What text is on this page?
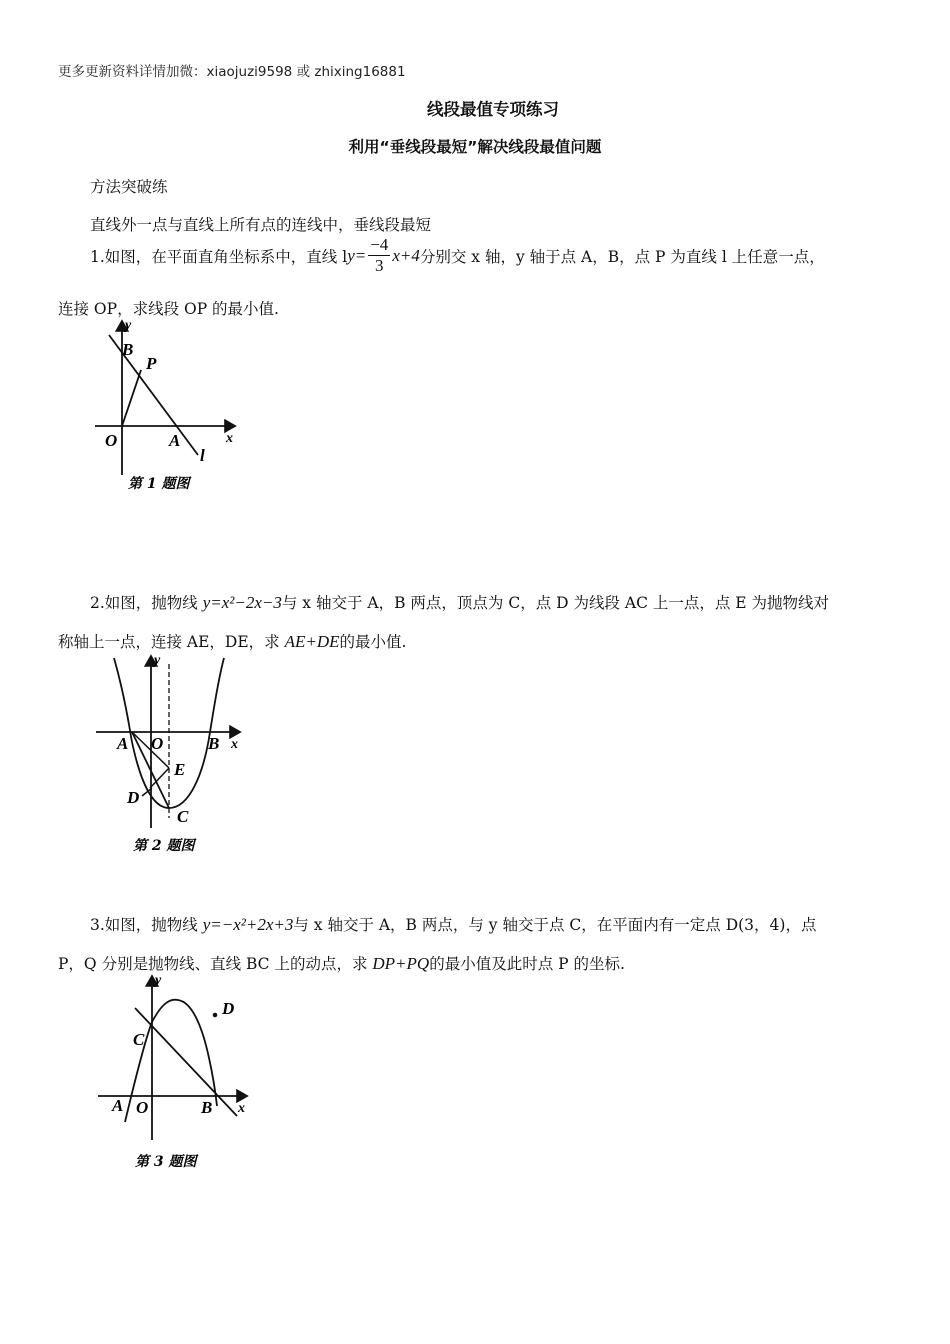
更多更新资料详情加微：xiaojuzi9598 或 zhixing16881
线段最值专项练习
利用“垂线段最短”解决线段最值问题
方法突破练
直线外一点与直线上所有点的连线中，垂线段最短
1.如图，在平面直角坐标系中，直线 l $y= \frac{-4}{3} x+4$ 分别交 x 轴，y 轴于点 A，B，点 P 为直线 l 上任意一点，
连接 OP，求线段 OP 的最小值.
y
x
B
P
O	A
l
第 1 题图
2.如图，抛物线 y=x²−2x−3与 x 轴交于 A，B 两点，顶点为 C，点 D 为线段 AC 上一点，点 E 为抛物线对
称轴上一点，连接 AE，DE，求 AE+DE的最小值.
y
x
A O	B
E
D
C
第 2 题图
3.如图，抛物线 y=−x²+2x+3与 x 轴交于 A，B 两点，与 y 轴交于点 C，在平面内有一定点 D(3，4)，点
P，Q 分别是抛物线、直线 BC 上的动点，求 DP+PQ的最小值及此时点 P 的坐标.
y
x
C
D
A O	B
第 3 题图
